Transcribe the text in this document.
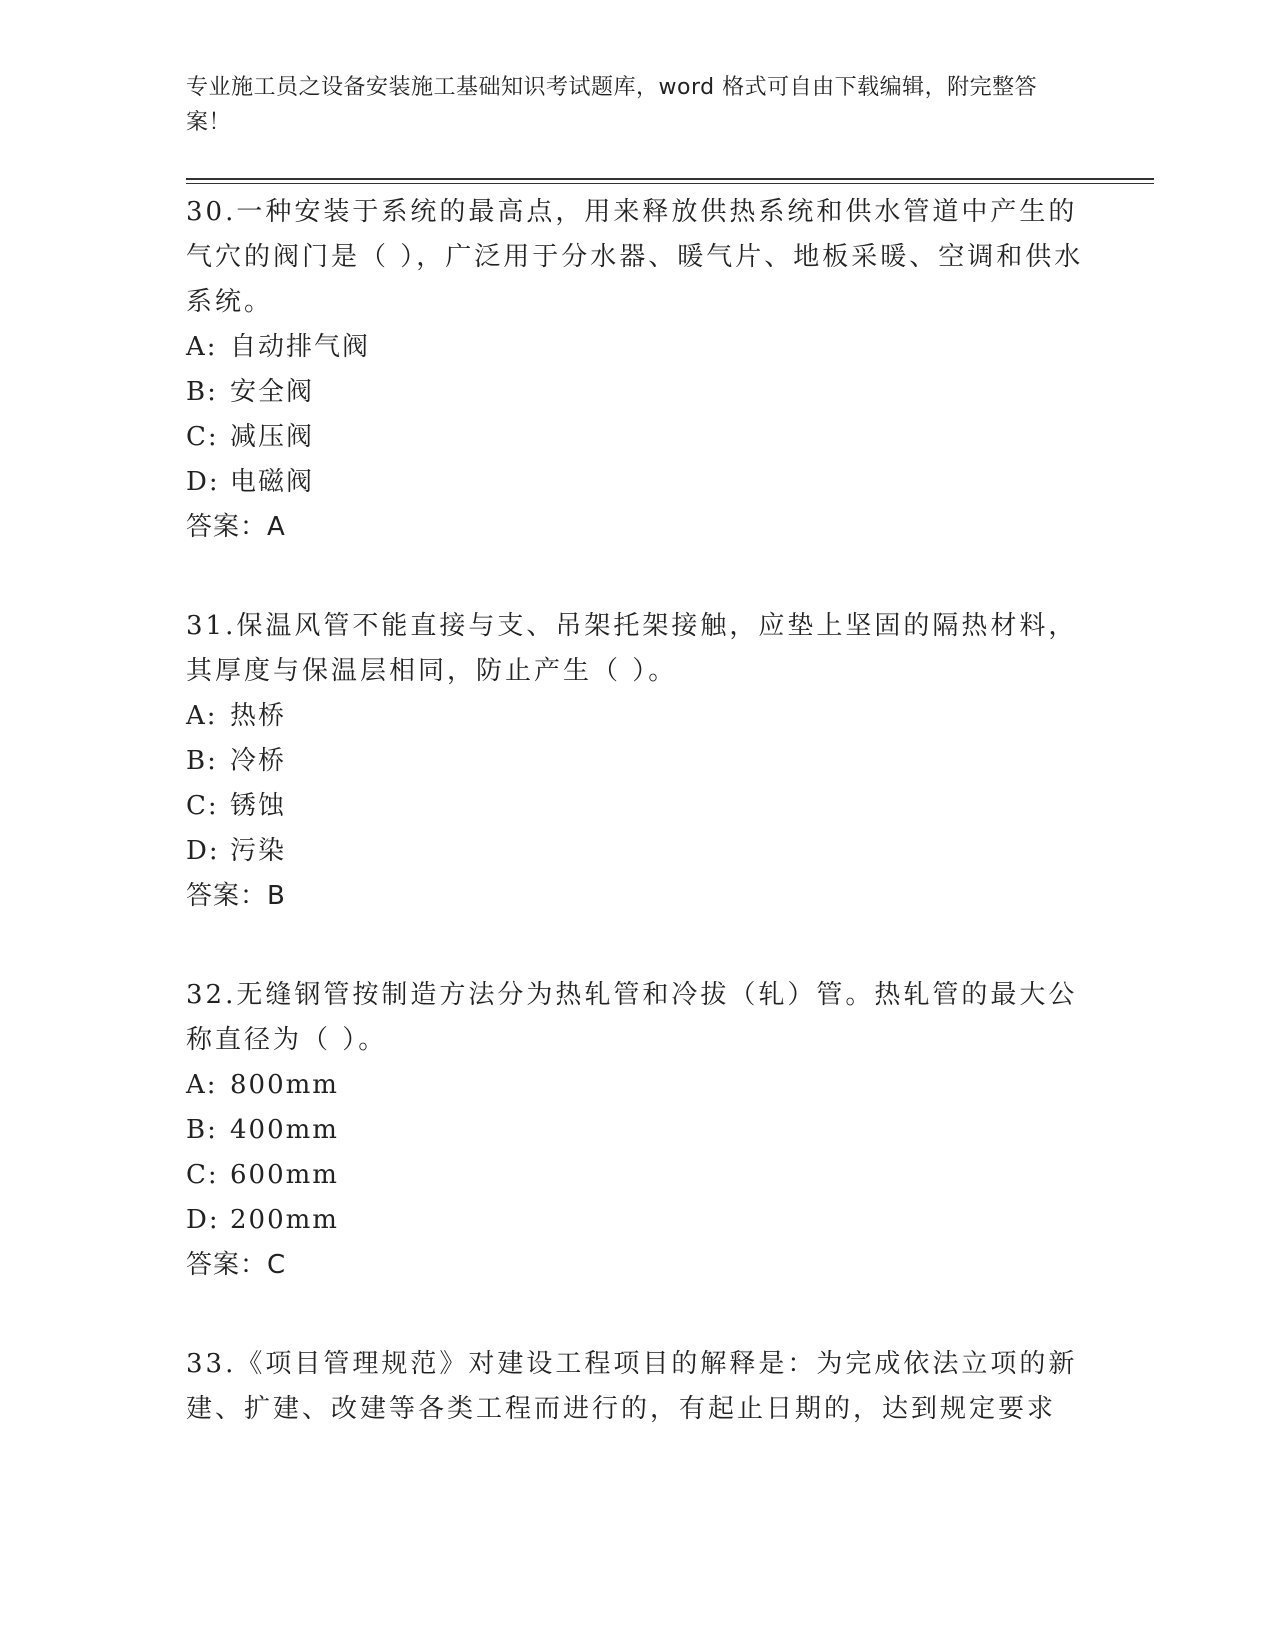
专业施工员之设备安装施工基础知识考试题库，word 格式可自由下载编辑，附完整答案！

30.一种安装于系统的最高点，用来释放供热系统和供水管道中产生的气穴的阀门是（ ），广泛用于分水器、暖气片、地板采暖、空调和供水系统。

A: 自动排气阀

B: 安全阀

C: 减压阀

D: 电磁阀

答案：A

31.保温风管不能直接与支、吊架托架接触，应垫上坚固的隔热材料，其厚度与保温层相同，防止产生（ ）。

A: 热桥

B: 冷桥

C: 锈蚀

D: 污染

答案：B

32.无缝钢管按制造方法分为热轧管和冷拔（轧）管。热轧管的最大公称直径为（ ）。

A: 800mm

B: 400mm

C: 600mm

D: 200mm

答案：C

33.《项目管理规范》对建设工程项目的解释是：为完成依法立项的新建、扩建、改建等各类工程而进行的，有起止日期的，达到规定要求
